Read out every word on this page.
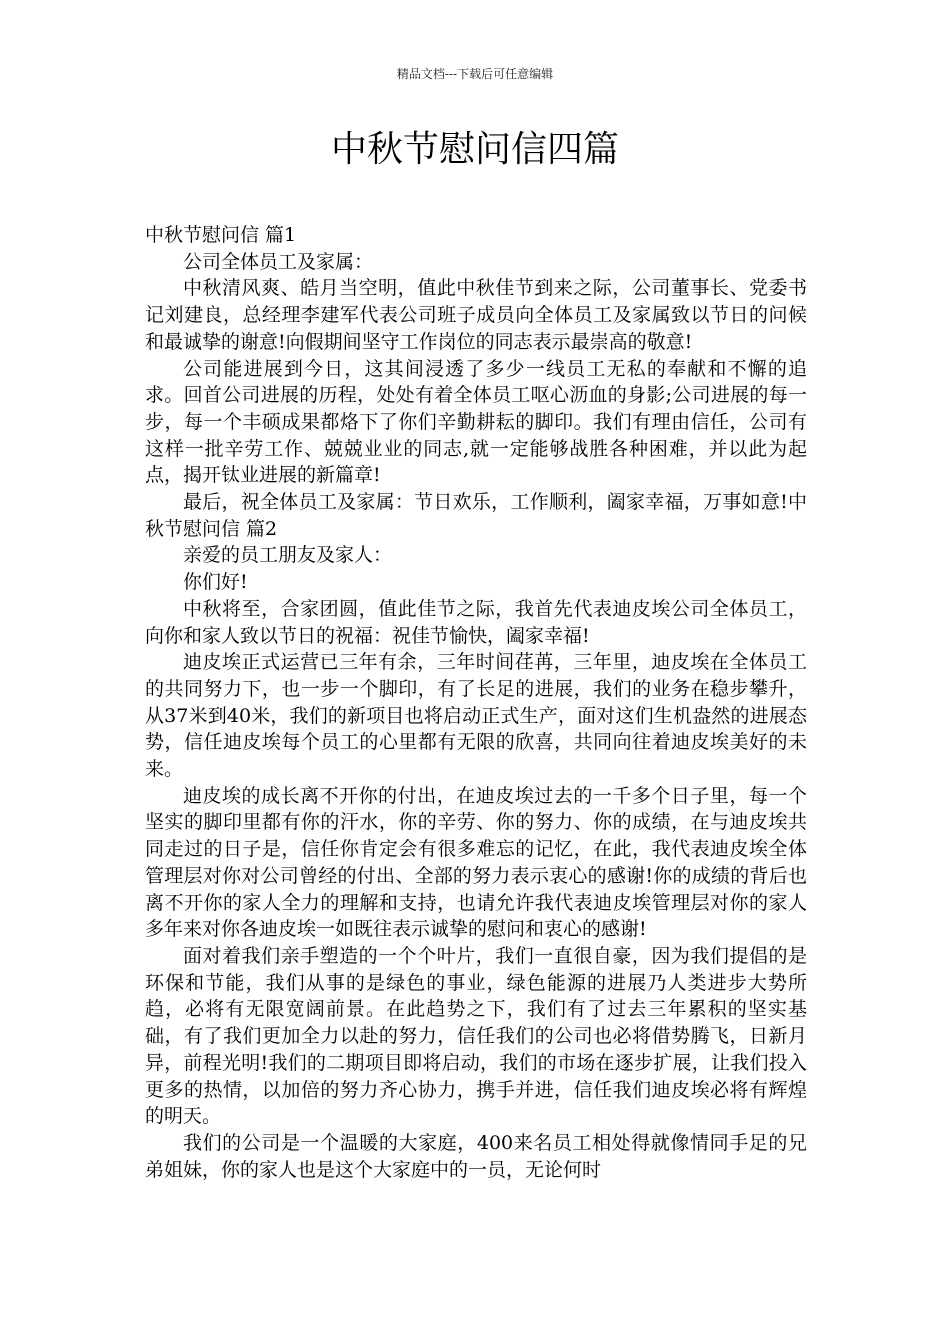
精品文档---下载后可任意编辑
中秋节慰问信四篇

中秋节慰问信 篇1

公司全体员工及家属：

中秋清风爽、皓月当空明，值此中秋佳节到来之际，公司董事长、党委书记刘建良，总经理李建军代表公司班子成员向全体员工及家属致以节日的问候和最诚挚的谢意!向假期间坚守工作岗位的同志表示最崇高的敬意!

公司能进展到今日，这其间浸透了多少一线员工无私的奉献和不懈的追求。回首公司进展的历程，处处有着全体员工呕心沥血的身影;公司进展的每一步，每一个丰硕成果都烙下了你们辛勤耕耘的脚印。我们有理由信任，公司有这样一批辛劳工作、兢兢业业的同志,就一定能够战胜各种困难，并以此为起点，揭开钛业进展的新篇章!

最后，祝全体员工及家属：节日欢乐，工作顺利，阖家幸福，万事如意!中秋节慰问信 篇2

亲爱的员工朋友及家人：

你们好!

中秋将至，合家团圆，值此佳节之际，我首先代表迪皮埃公司全体员工，向你和家人致以节日的祝福：祝佳节愉快，阖家幸福!

迪皮埃正式运营已三年有余，三年时间荏苒，三年里，迪皮埃在全体员工的共同努力下，也一步一个脚印，有了长足的进展，我们的业务在稳步攀升，从37米到40米，我们的新项目也将启动正式生产，面对这们生机盎然的进展态势，信任迪皮埃每个员工的心里都有无限的欣喜，共同向往着迪皮埃美好的未来。

迪皮埃的成长离不开你的付出，在迪皮埃过去的一千多个日子里，每一个坚实的脚印里都有你的汗水，你的辛劳、你的努力、你的成绩，在与迪皮埃共同走过的日子是，信任你肯定会有很多难忘的记忆，在此，我代表迪皮埃全体管理层对你对公司曾经的付出、全部的努力表示衷心的感谢!你的成绩的背后也离不开你的家人全力的理解和支持，也请允许我代表迪皮埃管理层对你的家人多年来对你各迪皮埃一如既往表示诚挚的慰问和衷心的感谢!

面对着我们亲手塑造的一个个叶片，我们一直很自豪，因为我们提倡的是环保和节能，我们从事的是绿色的事业，绿色能源的进展乃人类进步大势所趋，必将有无限宽阔前景。在此趋势之下，我们有了过去三年累积的坚实基础，有了我们更加全力以赴的努力，信任我们的公司也必将借势腾飞，日新月异，前程光明!我们的二期项目即将启动，我们的市场在逐步扩展，让我们投入更多的热情，以加倍的努力齐心协力，携手并进，信任我们迪皮埃必将有辉煌的明天。

我们的公司是一个温暖的大家庭，400来名员工相处得就像情同手足的兄弟姐妹，你的家人也是这个大家庭中的一员，无论何时
